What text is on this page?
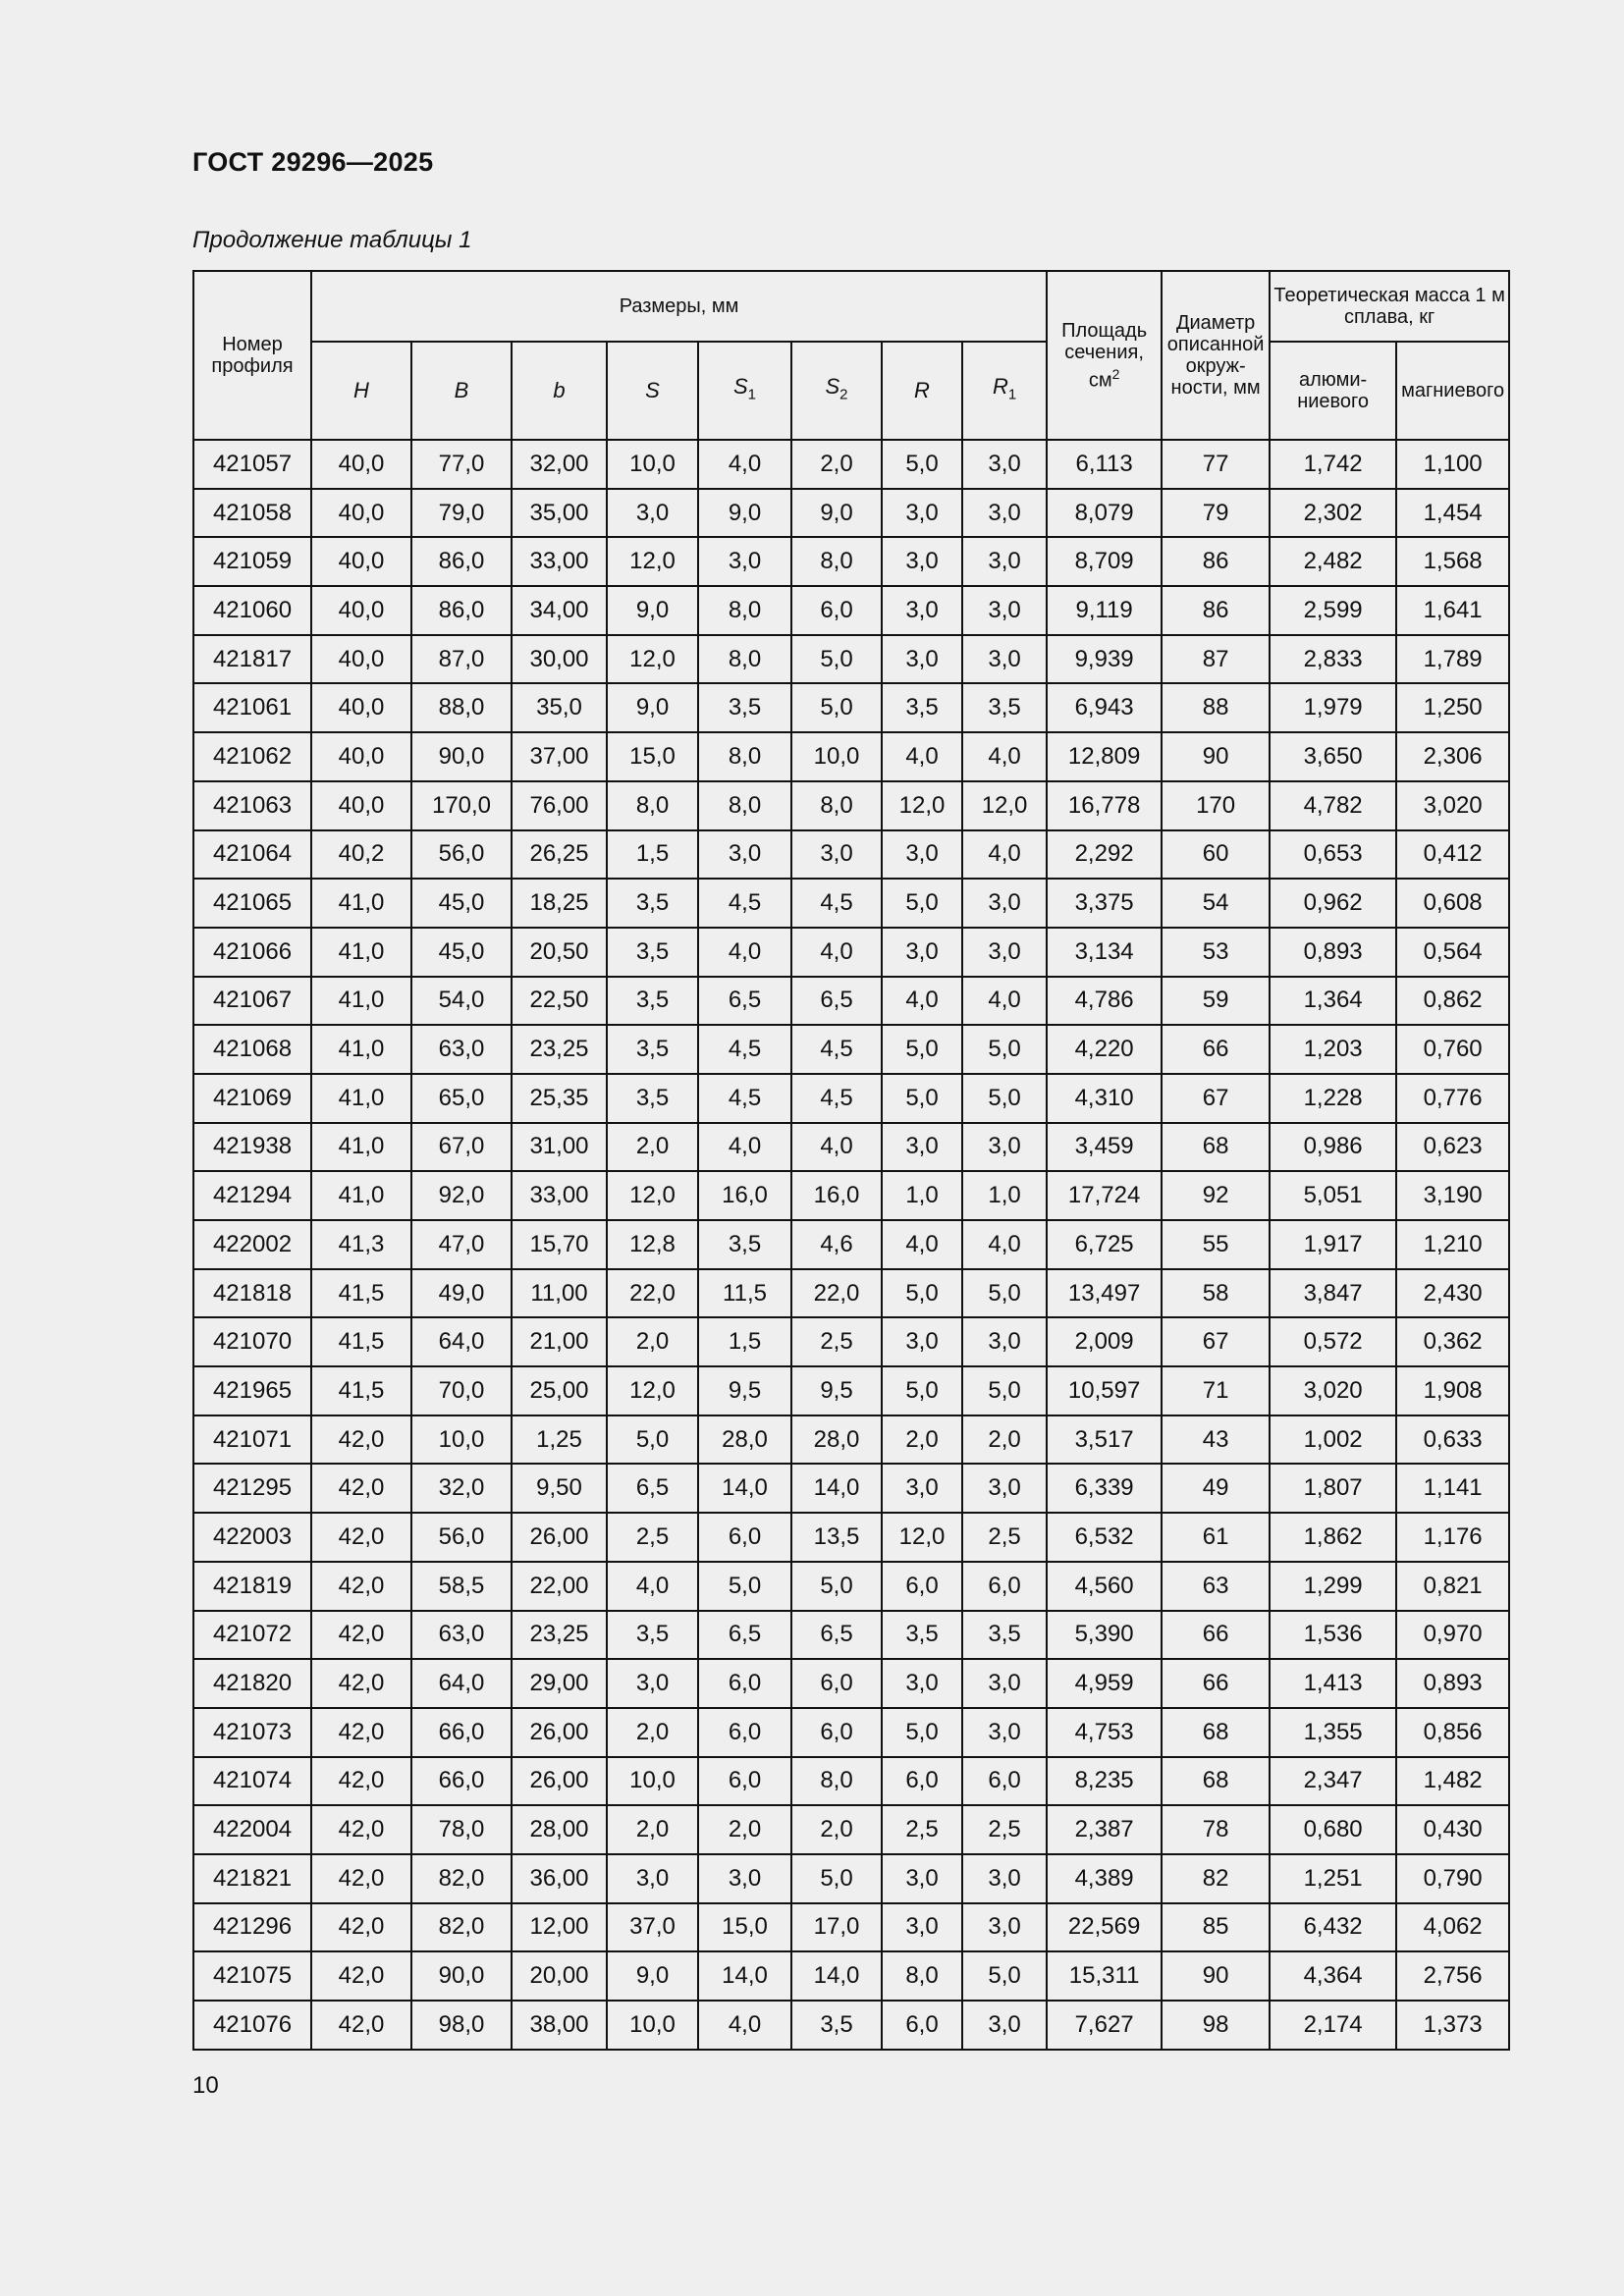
ГОСТ 29296—2025
Продолжение таблицы 1
Номер профиля	Размеры, мм								Площадь сечения, $см^2$	Диаметр описанной окружности, мм	Теоретическая масса 1 м сплава, кг	
	H	B	b	S	$S_1$	$S_2$	R	$R_1$			алюминиевого	магниевого
421057	40,0	77,0	32,00	10,0	4,0	2,0	5,0	3,0	6,113	77	1,742	1,100
421058	40,0	79,0	35,00	3,0	9,0	9,0	3,0	3,0	8,079	79	2,302	1,454
421059	40,0	86,0	33,00	12,0	3,0	8,0	3,0	3,0	8,709	86	2,482	1,568
421060	40,0	86,0	34,00	9,0	8,0	6,0	3,0	3,0	9,119	86	2,599	1,641
421817	40,0	87,0	30,00	12,0	8,0	5,0	3,0	3,0	9,939	87	2,833	1,789
421061	40,0	88,0	35,0	9,0	3,5	5,0	3,5	3,5	6,943	88	1,979	1,250
421062	40,0	90,0	37,00	15,0	8,0	10,0	4,0	4,0	12,809	90	3,650	2,306
421063	40,0	170,0	76,00	8,0	8,0	8,0	12,0	12,0	16,778	170	4,782	3,020
421064	40,2	56,0	26,25	1,5	3,0	3,0	3,0	4,0	2,292	60	0,653	0,412
421065	41,0	45,0	18,25	3,5	4,5	4,5	5,0	3,0	3,375	54	0,962	0,608
421066	41,0	45,0	20,50	3,5	4,0	4,0	3,0	3,0	3,134	53	0,893	0,564
421067	41,0	54,0	22,50	3,5	6,5	6,5	4,0	4,0	4,786	59	1,364	0,862
421068	41,0	63,0	23,25	3,5	4,5	4,5	5,0	5,0	4,220	66	1,203	0,760
421069	41,0	65,0	25,35	3,5	4,5	4,5	5,0	5,0	4,310	67	1,228	0,776
421938	41,0	67,0	31,00	2,0	4,0	4,0	3,0	3,0	3,459	68	0,986	0,623
421294	41,0	92,0	33,00	12,0	16,0	16,0	1,0	1,0	17,724	92	5,051	3,190
422002	41,3	47,0	15,70	12,8	3,5	4,6	4,0	4,0	6,725	55	1,917	1,210
421818	41,5	49,0	11,00	22,0	11,5	22,0	5,0	5,0	13,497	58	3,847	2,430
421070	41,5	64,0	21,00	2,0	1,5	2,5	3,0	3,0	2,009	67	0,572	0,362
421965	41,5	70,0	25,00	12,0	9,5	9,5	5,0	5,0	10,597	71	3,020	1,908
421071	42,0	10,0	1,25	5,0	28,0	28,0	2,0	2,0	3,517	43	1,002	0,633
421295	42,0	32,0	9,50	6,5	14,0	14,0	3,0	3,0	6,339	49	1,807	1,141
422003	42,0	56,0	26,00	2,5	6,0	13,5	12,0	2,5	6,532	61	1,862	1,176
421819	42,0	58,5	22,00	4,0	5,0	5,0	6,0	6,0	4,560	63	1,299	0,821
421072	42,0	63,0	23,25	3,5	6,5	6,5	3,5	3,5	5,390	66	1,536	0,970
421820	42,0	64,0	29,00	3,0	6,0	6,0	3,0	3,0	4,959	66	1,413	0,893
421073	42,0	66,0	26,00	2,0	6,0	6,0	5,0	3,0	4,753	68	1,355	0,856
421074	42,0	66,0	26,00	10,0	6,0	8,0	6,0	6,0	8,235	68	2,347	1,482
422004	42,0	78,0	28,00	2,0	2,0	2,0	2,5	2,5	2,387	78	0,680	0,430
421821	42,0	82,0	36,00	3,0	3,0	5,0	3,0	3,0	4,389	82	1,251	0,790
421296	42,0	82,0	12,00	37,0	15,0	17,0	3,0	3,0	22,569	85	6,432	4,062
421075	42,0	90,0	20,00	9,0	14,0	14,0	8,0	5,0	15,311	90	4,364	2,756
421076	42,0	98,0	38,00	10,0	4,0	3,5	6,0	3,0	7,627	98	2,174	1,373
10
